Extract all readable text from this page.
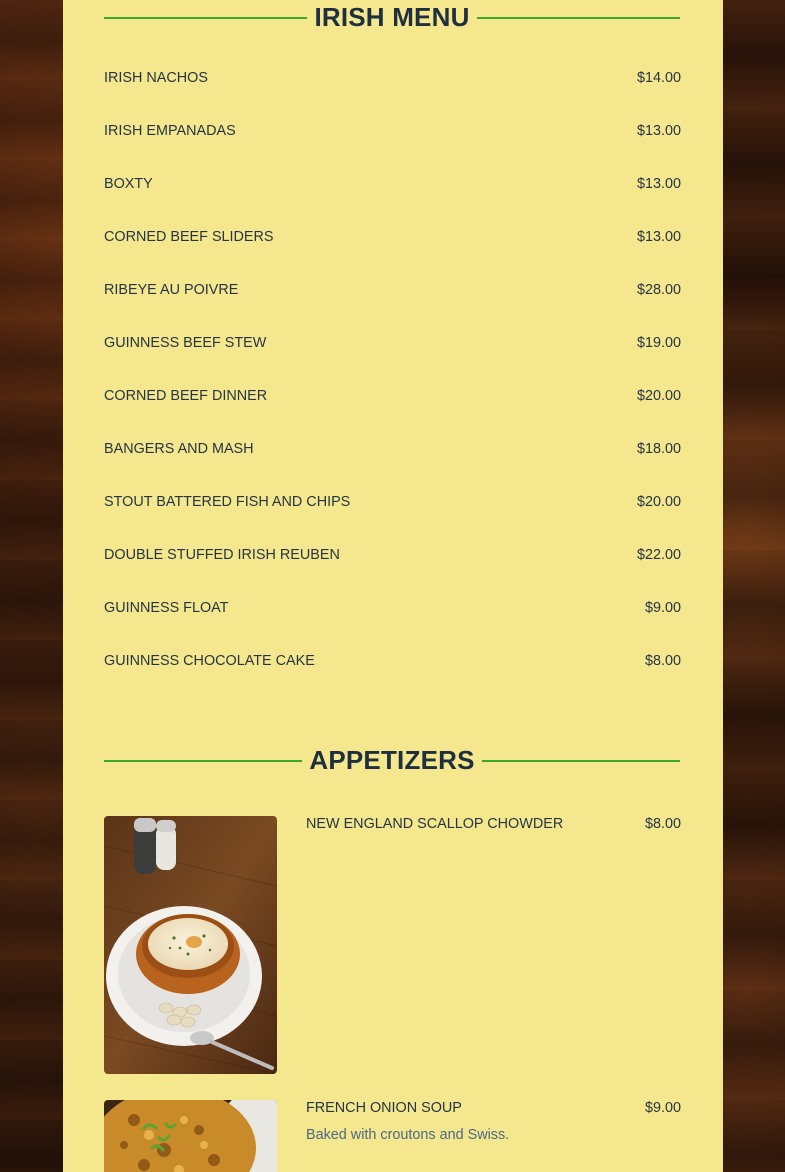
IRISH MENU
IRISH NACHOS	$14.00
IRISH EMPANADAS	$13.00
BOXTY	$13.00
CORNED BEEF SLIDERS	$13.00
RIBEYE AU POIVRE	$28.00
GUINNESS BEEF STEW	$19.00
CORNED BEEF DINNER	$20.00
BANGERS AND MASH	$18.00
STOUT BATTERED FISH AND CHIPS	$20.00
DOUBLE STUFFED IRISH REUBEN	$22.00
GUINNESS FLOAT	$9.00
GUINNESS CHOCOLATE CAKE	$8.00
APPETIZERS
NEW ENGLAND SCALLOP CHOWDER	$8.00
FRENCH ONION SOUP	$9.00
Baked with croutons and Swiss.
